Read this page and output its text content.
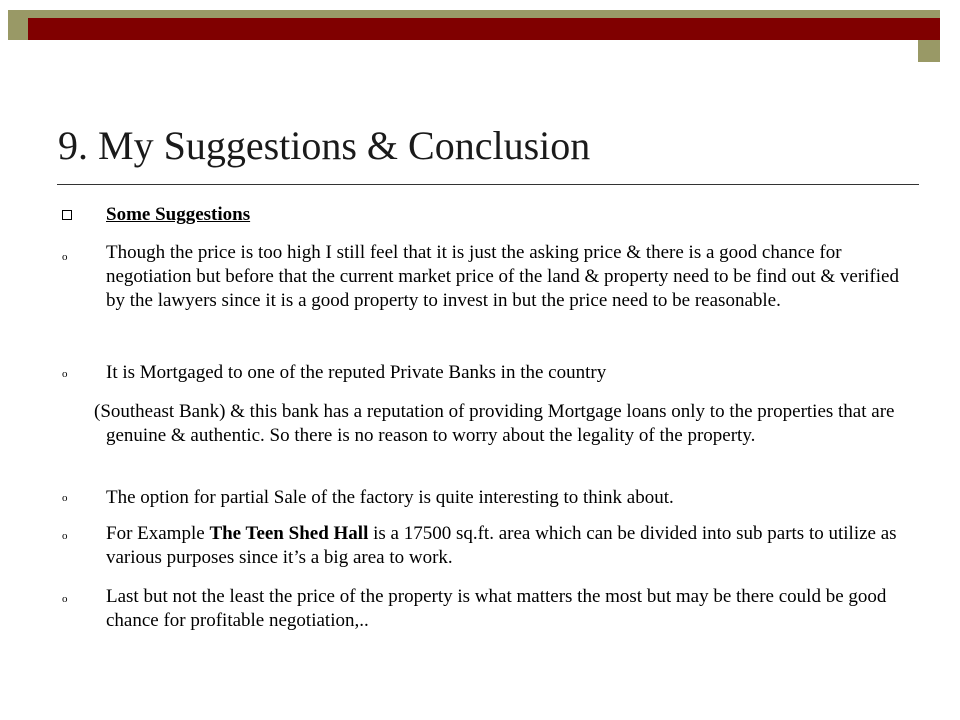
9. My Suggestions & Conclusion

Some Suggestions

o Though the price is too high I still feel that it is just the asking price & there is a good chance for negotiation but before that the current market price of the land & property need to be find out & verified by the lawyers since it is a good property to invest in but the price need to be reasonable.

o It is Mortgaged to one of the reputed Private Banks in the country

(Southeast Bank) & this bank has a reputation of providing Mortgage loans only to the properties that are genuine & authentic. So there is no reason to worry about the legality of the property.

o The option for partial Sale of the factory is quite interesting to think about.

o For Example The Teen Shed Hall is a 17500 sq.ft. area which can be divided into sub parts to utilize as various purposes since it’s a big area to work.

o Last but not the least the price of the property is what matters the most but may be there could be good chance for profitable negotiation,..
